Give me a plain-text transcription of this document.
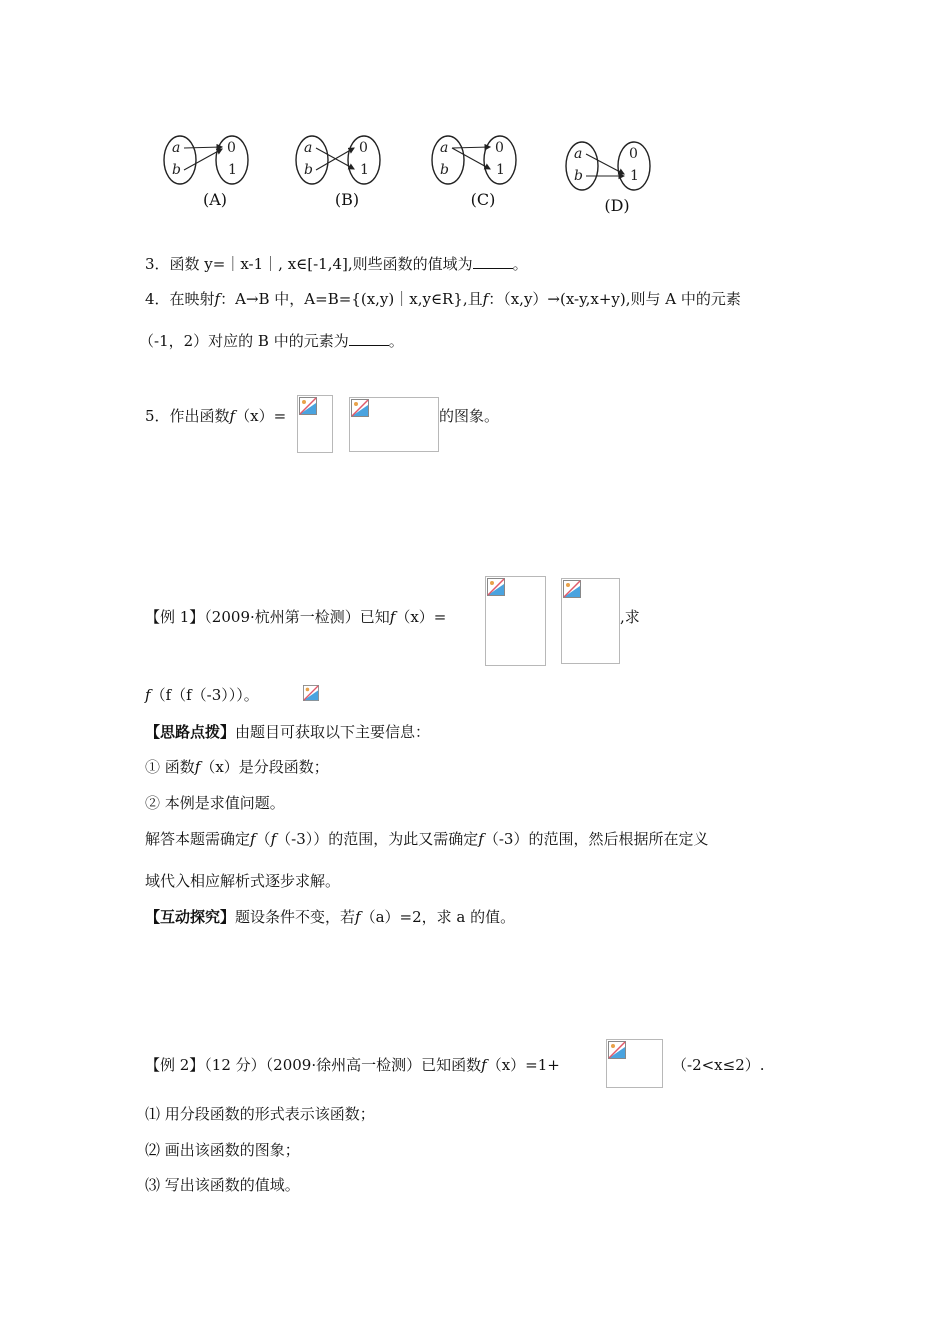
a
b
0
1
(A)
a
b
0
1
(B)
a
b
0
1
(C)
a
b
0
1
(D)
3．函数 y=｜x-1｜, x∈[-1,4],则些函数的值域为	。
4．在映射f：A→B 中，A=B={(x,y)｜x,y∈R},且f：（x,y）→(x-y,x+y),则与 A 中的元素
（-1，2）对应的 B 中的元素为	。
5．作出函数f（x）=	的图象。
【例 1】（2009·杭州第一检测）已知f（x）=	,求
f（f（f（-3）））。
【思路点拨】由题目可获取以下主要信息：
① 函数f（x）是分段函数；
② 本例是求值问题。
解答本题需确定f（f（-3））的范围，为此又需确定f（-3）的范围，然后根据所在定义
域代入相应解析式逐步求解。
【互动探究】题设条件不变，若f（a）=2，求 a 的值。
【例 2】（12 分）（2009·徐州高一检测）已知函数f（x）=1+	（-2<x≤2）.
⑴ 用分段函数的形式表示该函数；
⑵ 画出该函数的图象；
⑶ 写出该函数的值域。
